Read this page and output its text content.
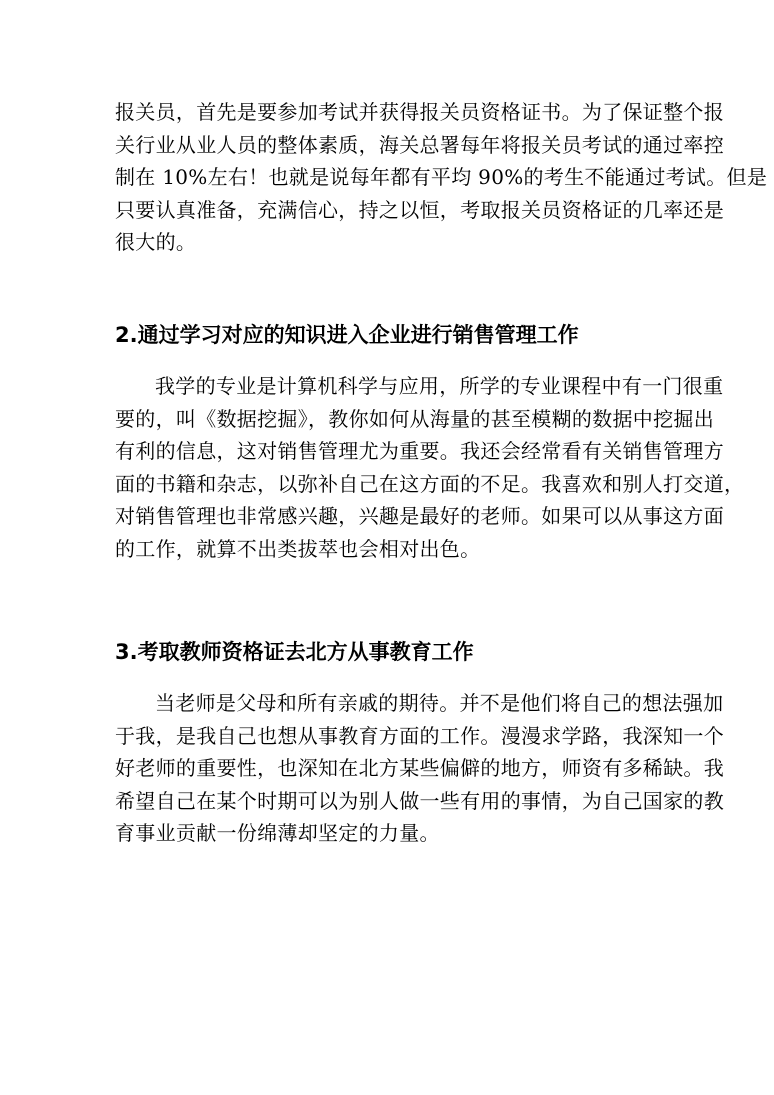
报关员，首先是要参加考试并获得报关员资格证书。为了保证整个报
关行业从业人员的整体素质，海关总署每年将报关员考试的通过率控
制在 10%左右！也就是说每年都有平均 90%的考生不能通过考试。但是
只要认真准备，充满信心，持之以恒，考取报关员资格证的几率还是
很大的。
2.通过学习对应的知识进入企业进行销售管理工作
我学的专业是计算机科学与应用，所学的专业课程中有一门很重
要的，叫《数据挖掘》，教你如何从海量的甚至模糊的数据中挖掘出
有利的信息，这对销售管理尤为重要。我还会经常看有关销售管理方
面的书籍和杂志，以弥补自己在这方面的不足。我喜欢和别人打交道，
对销售管理也非常感兴趣，兴趣是最好的老师。如果可以从事这方面
的工作，就算不出类拔萃也会相对出色。
3.考取教师资格证去北方从事教育工作
当老师是父母和所有亲戚的期待。并不是他们将自己的想法强加
于我，是我自己也想从事教育方面的工作。漫漫求学路，我深知一个
好老师的重要性，也深知在北方某些偏僻的地方，师资有多稀缺。我
希望自己在某个时期可以为别人做一些有用的事情，为自己国家的教
育事业贡献一份绵薄却坚定的力量。
